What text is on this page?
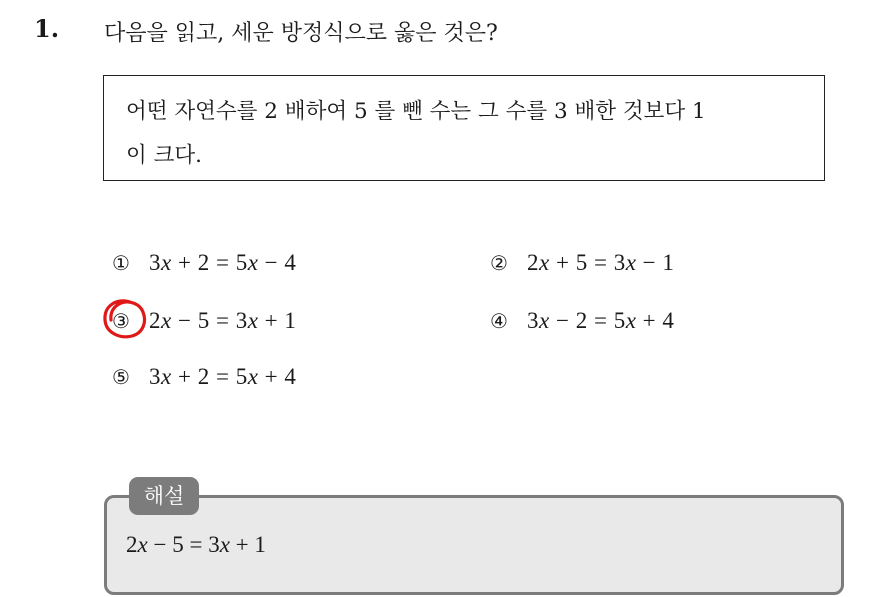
1. 다음을 읽고, 세운 방정식으로 옳은 것은?
어떤 자연수를 2 배하여 5 를 뺀 수는 그 수를 3 배한 것보다 1
이 크다.
① 3x + 2 = 5x − 4	② 2x + 5 = 3x − 1
③ 2x − 5 = 3x + 1	④ 3x − 2 = 5x + 4
⑤ 3x + 2 = 5x + 4
해설
2x − 5 = 3x + 1
